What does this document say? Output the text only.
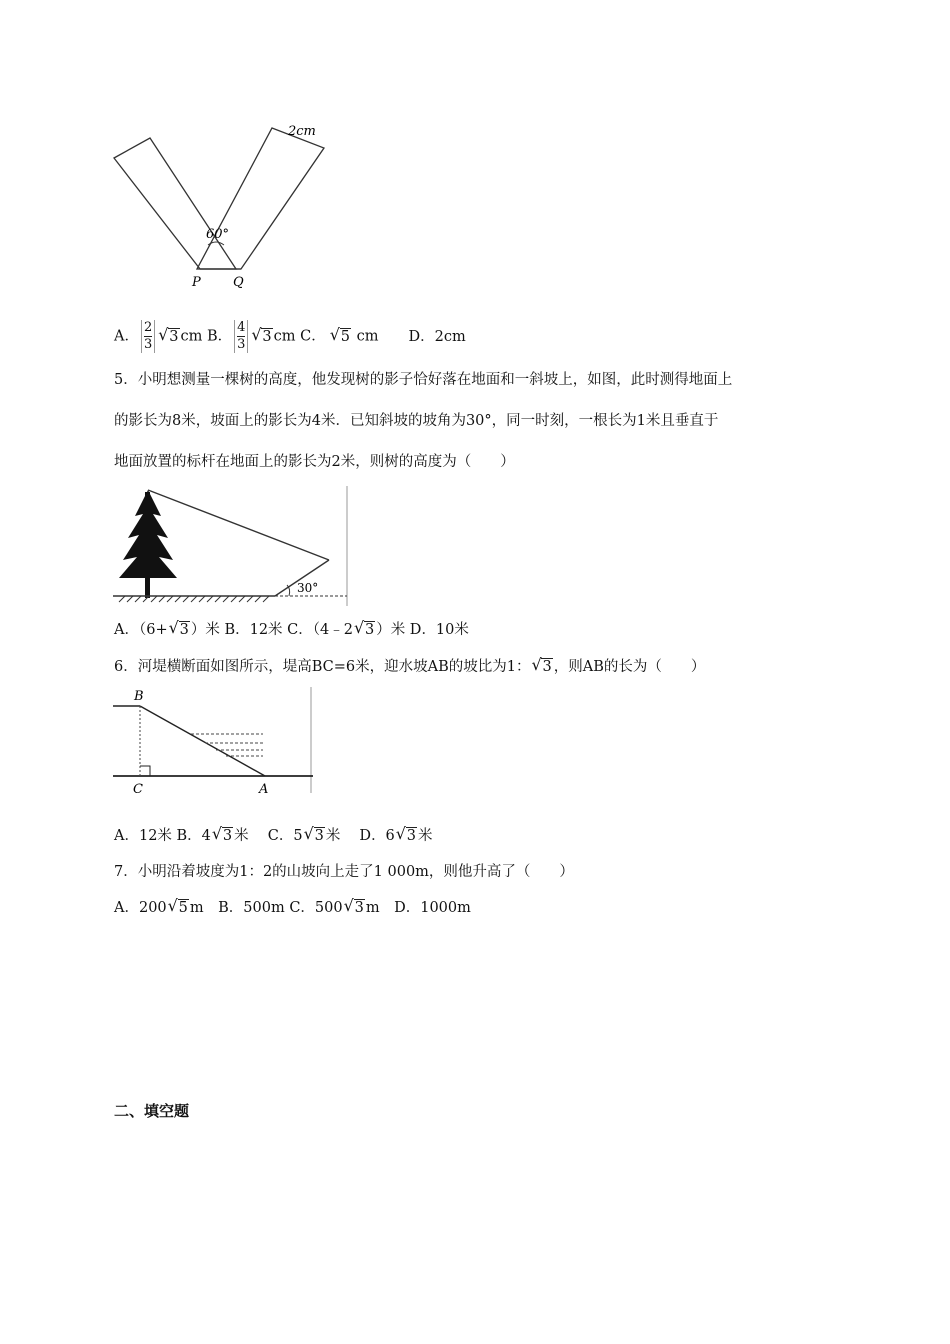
60°
2cm
P Q
A． $\frac{2}{3}$ √ 3 cm B． $\frac{4}{3}$ √ 3 cm C． √ 5 cm D．2cm
5．小明想测量一棵树的高度，他发现树的影子恰好落在地面和一斜坡上，如图，此时测得地面上
的影长为8米，坡面上的影长为4米．已知斜坡的坡角为30°，同一时刻，一根长为1米且垂直于
地面放置的标杆在地面上的影长为2米，则树的高度为（　　）
30°
A．（6+ √ 3 ）米 B．12米 C．（4﹣2 √ 3 ）米 D．10米
6．河堤横断面如图所示，堤高BC=6米，迎水坡AB的坡比为1： √ 3 ，则AB的长为（　　）
B
C	A
A．12米 B．4 √ 3 米　 C．5 √ 3 米　 D．6 √ 3 米
7．小明沿着坡度为1：2的山坡向上走了1 000m，则他升高了（　　）
A．200 √ 5 m　B．500m C．500 √ 3 m　D．1000m
二、填空题
